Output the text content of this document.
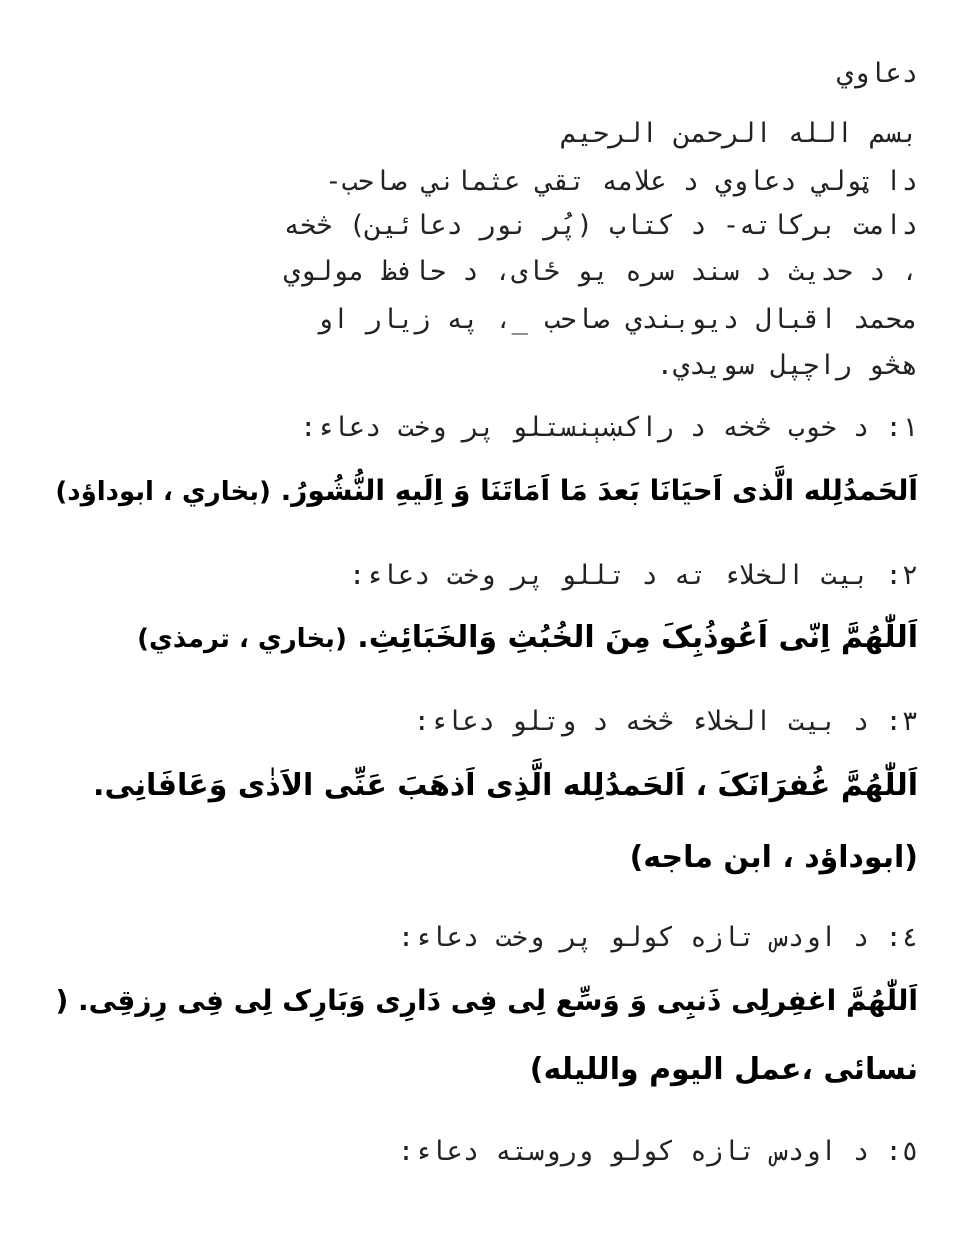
دعاوي
بسم الله الرحمن الرحيم
دا ټولي دعاوي د علامه تقي عثماني صاحب-
دامت برکاته- د کتاب (پُر نور دعائين) څخه
، د حديث د سند سره يو ځای، د حافظ مولوي
محمد اقبال ديوبندي صاحب _، په زيار او
هڅو راچپل سويدي.
١: د خوب څخه د راکښېنستلو پر وخت دعاء:
اَلحَمدُلِله الَّذی اَحیَانَا بَعدَ مَا اَمَاتَنَا وَ اِلَیهِ النُّشُورُ. (بخاري ، ابوداؤد)
٢: بيت الخلاء ته د تللو پر وخت دعاء:
اَللّٰهُمَّ اِنّی اَعُوذُبِکَ مِنَ الخُبُثِ وَالخَبَائِثِ. (بخاري ، ترمذي)
٣: د بيت الخلاء څخه د وتلو دعاء:
اَللّٰهُمَّ غُفرَانَکَ ، اَلحَمدُلِله الَّذِی اَذهَبَ عَنِّی الاَذٰی وَعَافَانِی.
(ابوداؤد ، ابن ماجه)
٤: د اودس تازه کولو پر وخت دعاء:
اَللّٰهُمَّ اغفِرلِی ذَنبِی وَ وَسِّع لِی فِی دَارِی وَبَارِک لِی فِی رِزقِی. (
نسائی ،عمل اليوم والليله)
٥: د اودس تازه کولو وروسته دعاء:
